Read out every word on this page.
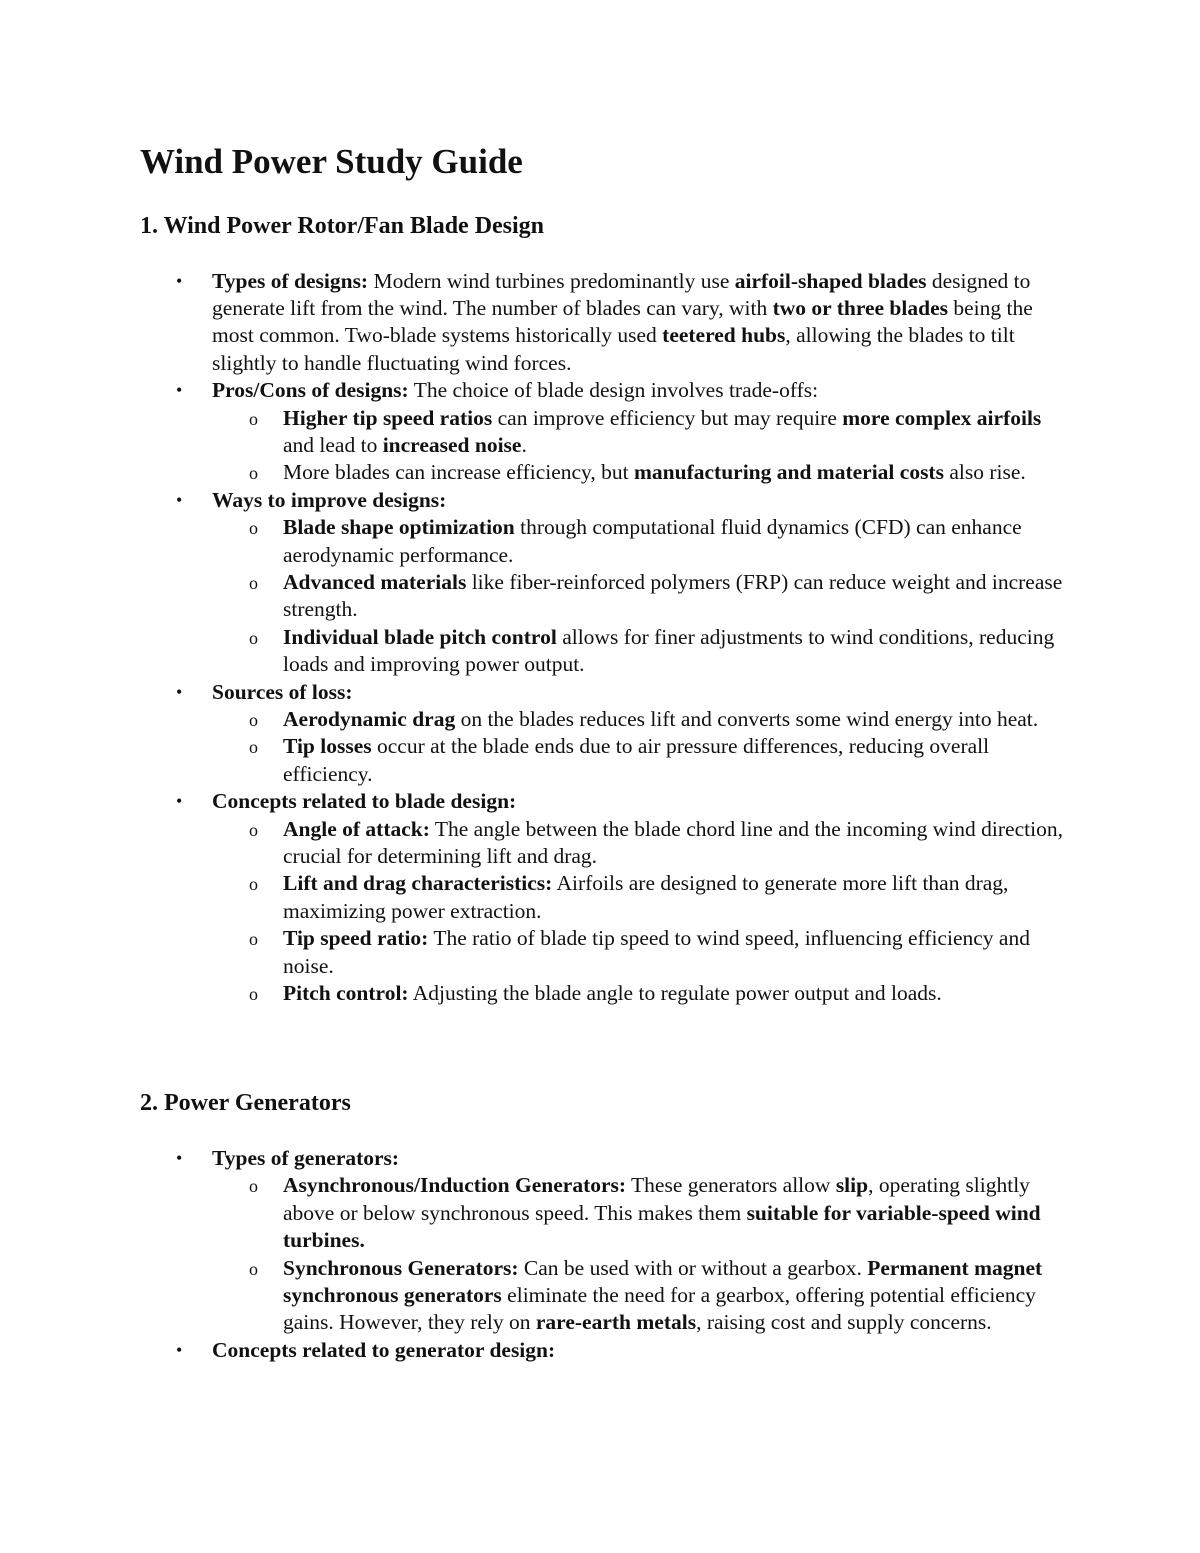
Wind Power Study Guide
1. Wind Power Rotor/Fan Blade Design
• Types of designs: Modern wind turbines predominantly use airfoil-shaped blades designed to generate lift from the wind. The number of blades can vary, with two or three blades being the most common. Two-blade systems historically used teetered hubs, allowing the blades to tilt slightly to handle fluctuating wind forces.
• Pros/Cons of designs: The choice of blade design involves trade-offs:
o Higher tip speed ratios can improve efficiency but may require more complex airfoils and lead to increased noise.
o More blades can increase efficiency, but manufacturing and material costs also rise.
• Ways to improve designs:
o Blade shape optimization through computational fluid dynamics (CFD) can enhance aerodynamic performance.
o Advanced materials like fiber-reinforced polymers (FRP) can reduce weight and increase strength.
o Individual blade pitch control allows for finer adjustments to wind conditions, reducing loads and improving power output.
• Sources of loss:
o Aerodynamic drag on the blades reduces lift and converts some wind energy into heat.
o Tip losses occur at the blade ends due to air pressure differences, reducing overall efficiency.
• Concepts related to blade design:
o Angle of attack: The angle between the blade chord line and the incoming wind direction, crucial for determining lift and drag.
o Lift and drag characteristics: Airfoils are designed to generate more lift than drag, maximizing power extraction.
o Tip speed ratio: The ratio of blade tip speed to wind speed, influencing efficiency and noise.
o Pitch control: Adjusting the blade angle to regulate power output and loads.
2. Power Generators
• Types of generators:
o Asynchronous/Induction Generators: These generators allow slip, operating slightly above or below synchronous speed. This makes them suitable for variable-speed wind turbines.
o Synchronous Generators: Can be used with or without a gearbox. Permanent magnet synchronous generators eliminate the need for a gearbox, offering potential efficiency gains. However, they rely on rare-earth metals, raising cost and supply concerns.
• Concepts related to generator design:
